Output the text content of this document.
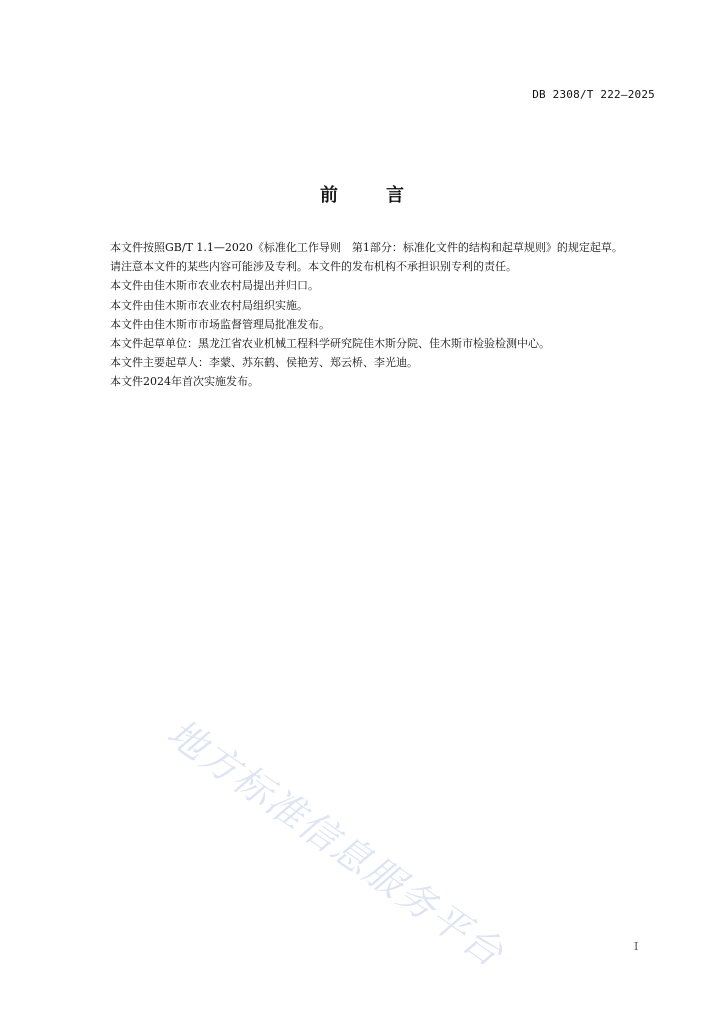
DB 2308/T 222—2025
前言

本文件按照GB/T 1.1—2020《标准化工作导则　第1部分：标准化文件的结构和起草规则》的规定起草。

请注意本文件的某些内容可能涉及专利。本文件的发布机构不承担识别专利的责任。

本文件由佳木斯市农业农村局提出并归口。

本文件由佳木斯市农业农村局组织实施。

本文件由佳木斯市市场监督管理局批准发布。

本文件起草单位：黑龙江省农业机械工程科学研究院佳木斯分院、佳木斯市检验检测中心。

本文件主要起草人：李蒙、苏东鹤、侯艳芳、郑云桥、李光迪。

本文件2024年首次实施发布。

地方标准信息服务平台	I
